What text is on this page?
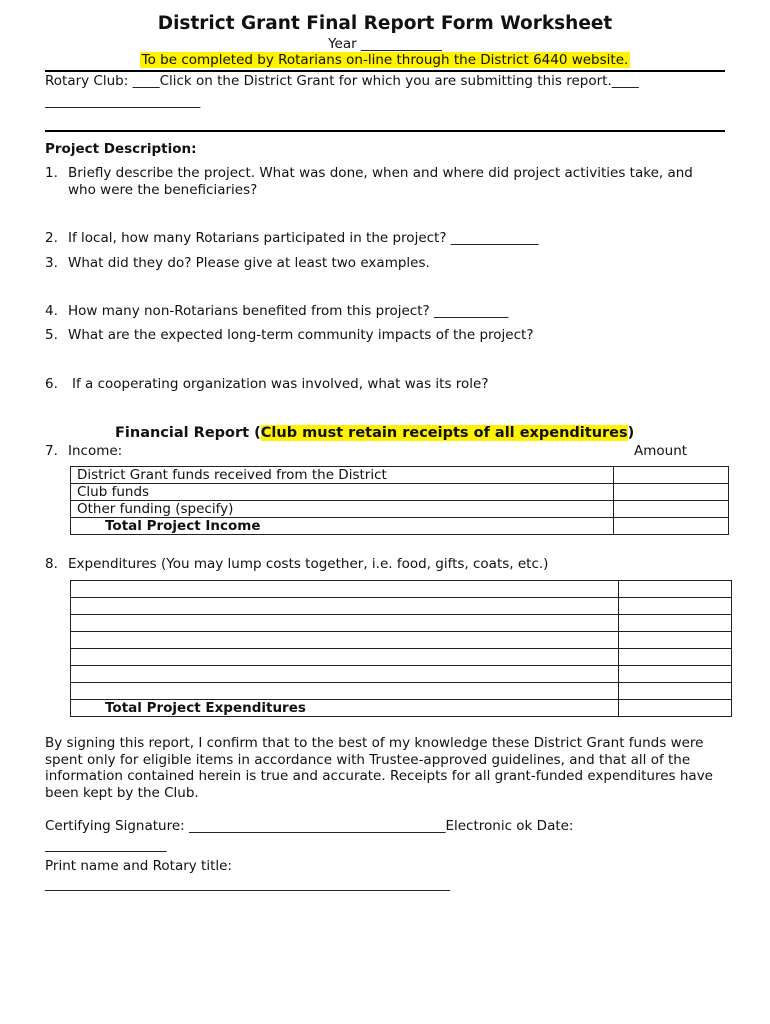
District Grant Final Report Form Worksheet
Year ____________
To be completed by Rotarians on-line through the District 6440 website.
Rotary Club: ____Click on the District Grant for which you are submitting this report.____
_______________________
Project Description:
1. Briefly describe the project. What was done, when and where did project activities take, and
who were the beneficiaries?
2. If local, how many Rotarians participated in the project? _____________
3. What did they do? Please give at least two examples.
4. How many non-Rotarians benefited from this project? ___________
5. What are the expected long-term community impacts of the project?
6. If a cooperating organization was involved, what was its role?
Financial Report (Club must retain receipts of all expenditures)
7. Income:	Amount
District Grant funds received from the District	
Club funds	
Other funding (specify)	
Total Project Income	
8. Expenditures (You may lump costs together, i.e. food, gifts, coats, etc.)

Total Project Expenditures	
By signing this report, I confirm that to the best of my knowledge these District Grant funds were spent only for eligible items in accordance with Trustee-approved guidelines, and that all of the information contained herein is true and accurate. Receipts for all grant-funded expenditures have been kept by the Club.
Certifying Signature: ______________________________________Electronic ok Date:
__________________
Print name and Rotary title:
____________________________________________________________
